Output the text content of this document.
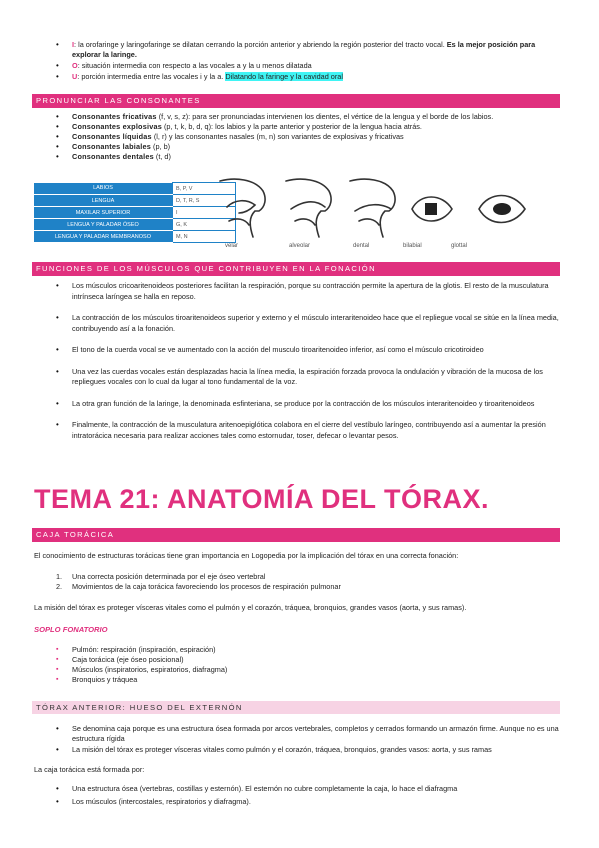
• I: la orofaringe y laringofaringe se dilatan cerrando la porción anterior y abriendo la región posterior del tracto vocal. Es la mejor posición para explorar la laringe.
• O: situación intermedia con respecto a las vocales a y la u menos dilatada
• U: porción intermedia entre las vocales i y la a. Dilatando la faringe y la cavidad oral
PRONUNCIAR LAS CONSONANTES
• Consonantes fricativas (f, v, s, z): para ser pronunciadas intervienen los dientes, el vértice de la lengua y el borde de los labios.
• Consonantes explosivas (p, t, k, b, d, q): los labios y la parte anterior y posterior de la lengua hacia atrás.
• Consonantes líquidas (l, r) y las consonantes nasales (m, n) son variantes de explosivas y fricativas
• Consonantes labiales (p, b)
• Consonantes dentales (t, d)
LABIOS	B, P, V
LENGUA	D, T, R, S
MAXILAR SUPERIOR	I
LENGUA Y PALADAR ÓSEO	G, K
LENGUA Y PALADAR MEMBRANOSO	M, N
velar	alveolar	dental	bilabial	glottal
FUNCIONES DE LOS MÚSCULOS QUE CONTRIBUYEN EN LA FONACIÓN
• Los músculos cricoaritenoideos posteriores facilitan la respiración, porque su contracción permite la apertura de la glotis. El resto de la musculatura intrínseca laríngea se halla en reposo.
• La contracción de los músculos tiroaritenoideos superior y externo y el músculo interaritenoideo hace que el repliegue vocal se sitúe en la línea media, contribuyendo así a la fonación.
• El tono de la cuerda vocal se ve aumentado con la acción del musculo tiroaritenoideo inferior, así como el músculo cricotiroideo
• Una vez las cuerdas vocales están desplazadas hacia la línea media, la espiración forzada provoca la ondulación y vibración de la mucosa de los repliegues vocales con lo cual da lugar al tono fundamental de la voz.
• La otra gran función de la laringe, la denominada esfinteriana, se produce por la contracción de los músculos interaritenoideo y tiroaritenoideos
• Finalmente, la contracción de la musculatura aritenoepiglótica colabora en el cierre del vestíbulo laríngeo, contribuyendo así a aumentar la presión intratorácica necesaria para realizar acciones tales como estornudar, toser, defecar o levantar pesos.
TEMA 21: ANATOMÍA DEL TÓRAX.
CAJA TORÁCICA
El conocimiento de estructuras torácicas tiene gran importancia en Logopedia por la implicación del tórax en una correcta fonación:
1. Una correcta posición determinada por el eje óseo vertebral
2. Movimientos de la caja torácica favoreciendo los procesos de respiración pulmonar
La misión del tórax es proteger vísceras vitales como el pulmón y el corazón, tráquea, bronquios, grandes vasos (aorta, y sus ramas).
SOPLO FONATORIO
▪ Pulmón: respiración (inspiración, espiración)
▪ Caja torácica (eje óseo posicional)
▪ Músculos (inspiratorios, espiratorios, diafragma)
▪ Bronquios y tráquea
TÓRAX ANTERIOR: HUESO DEL EXTERNÓN
• Se denomina caja porque es una estructura ósea formada por arcos vertebrales, completos y cerrados formando un armazón firme. Aunque no es una estructura rígida
• La misión del tórax es proteger vísceras vitales como pulmón y el corazón, tráquea, bronquios, grandes vasos: aorta, y sus ramas
La caja torácica está formada por:
• Una estructura ósea (vertebras, costillas y esternón). El esternón no cubre completamente la caja, lo hace el diafragma
• Los músculos (intercostales, respiratorios y diafragma).
